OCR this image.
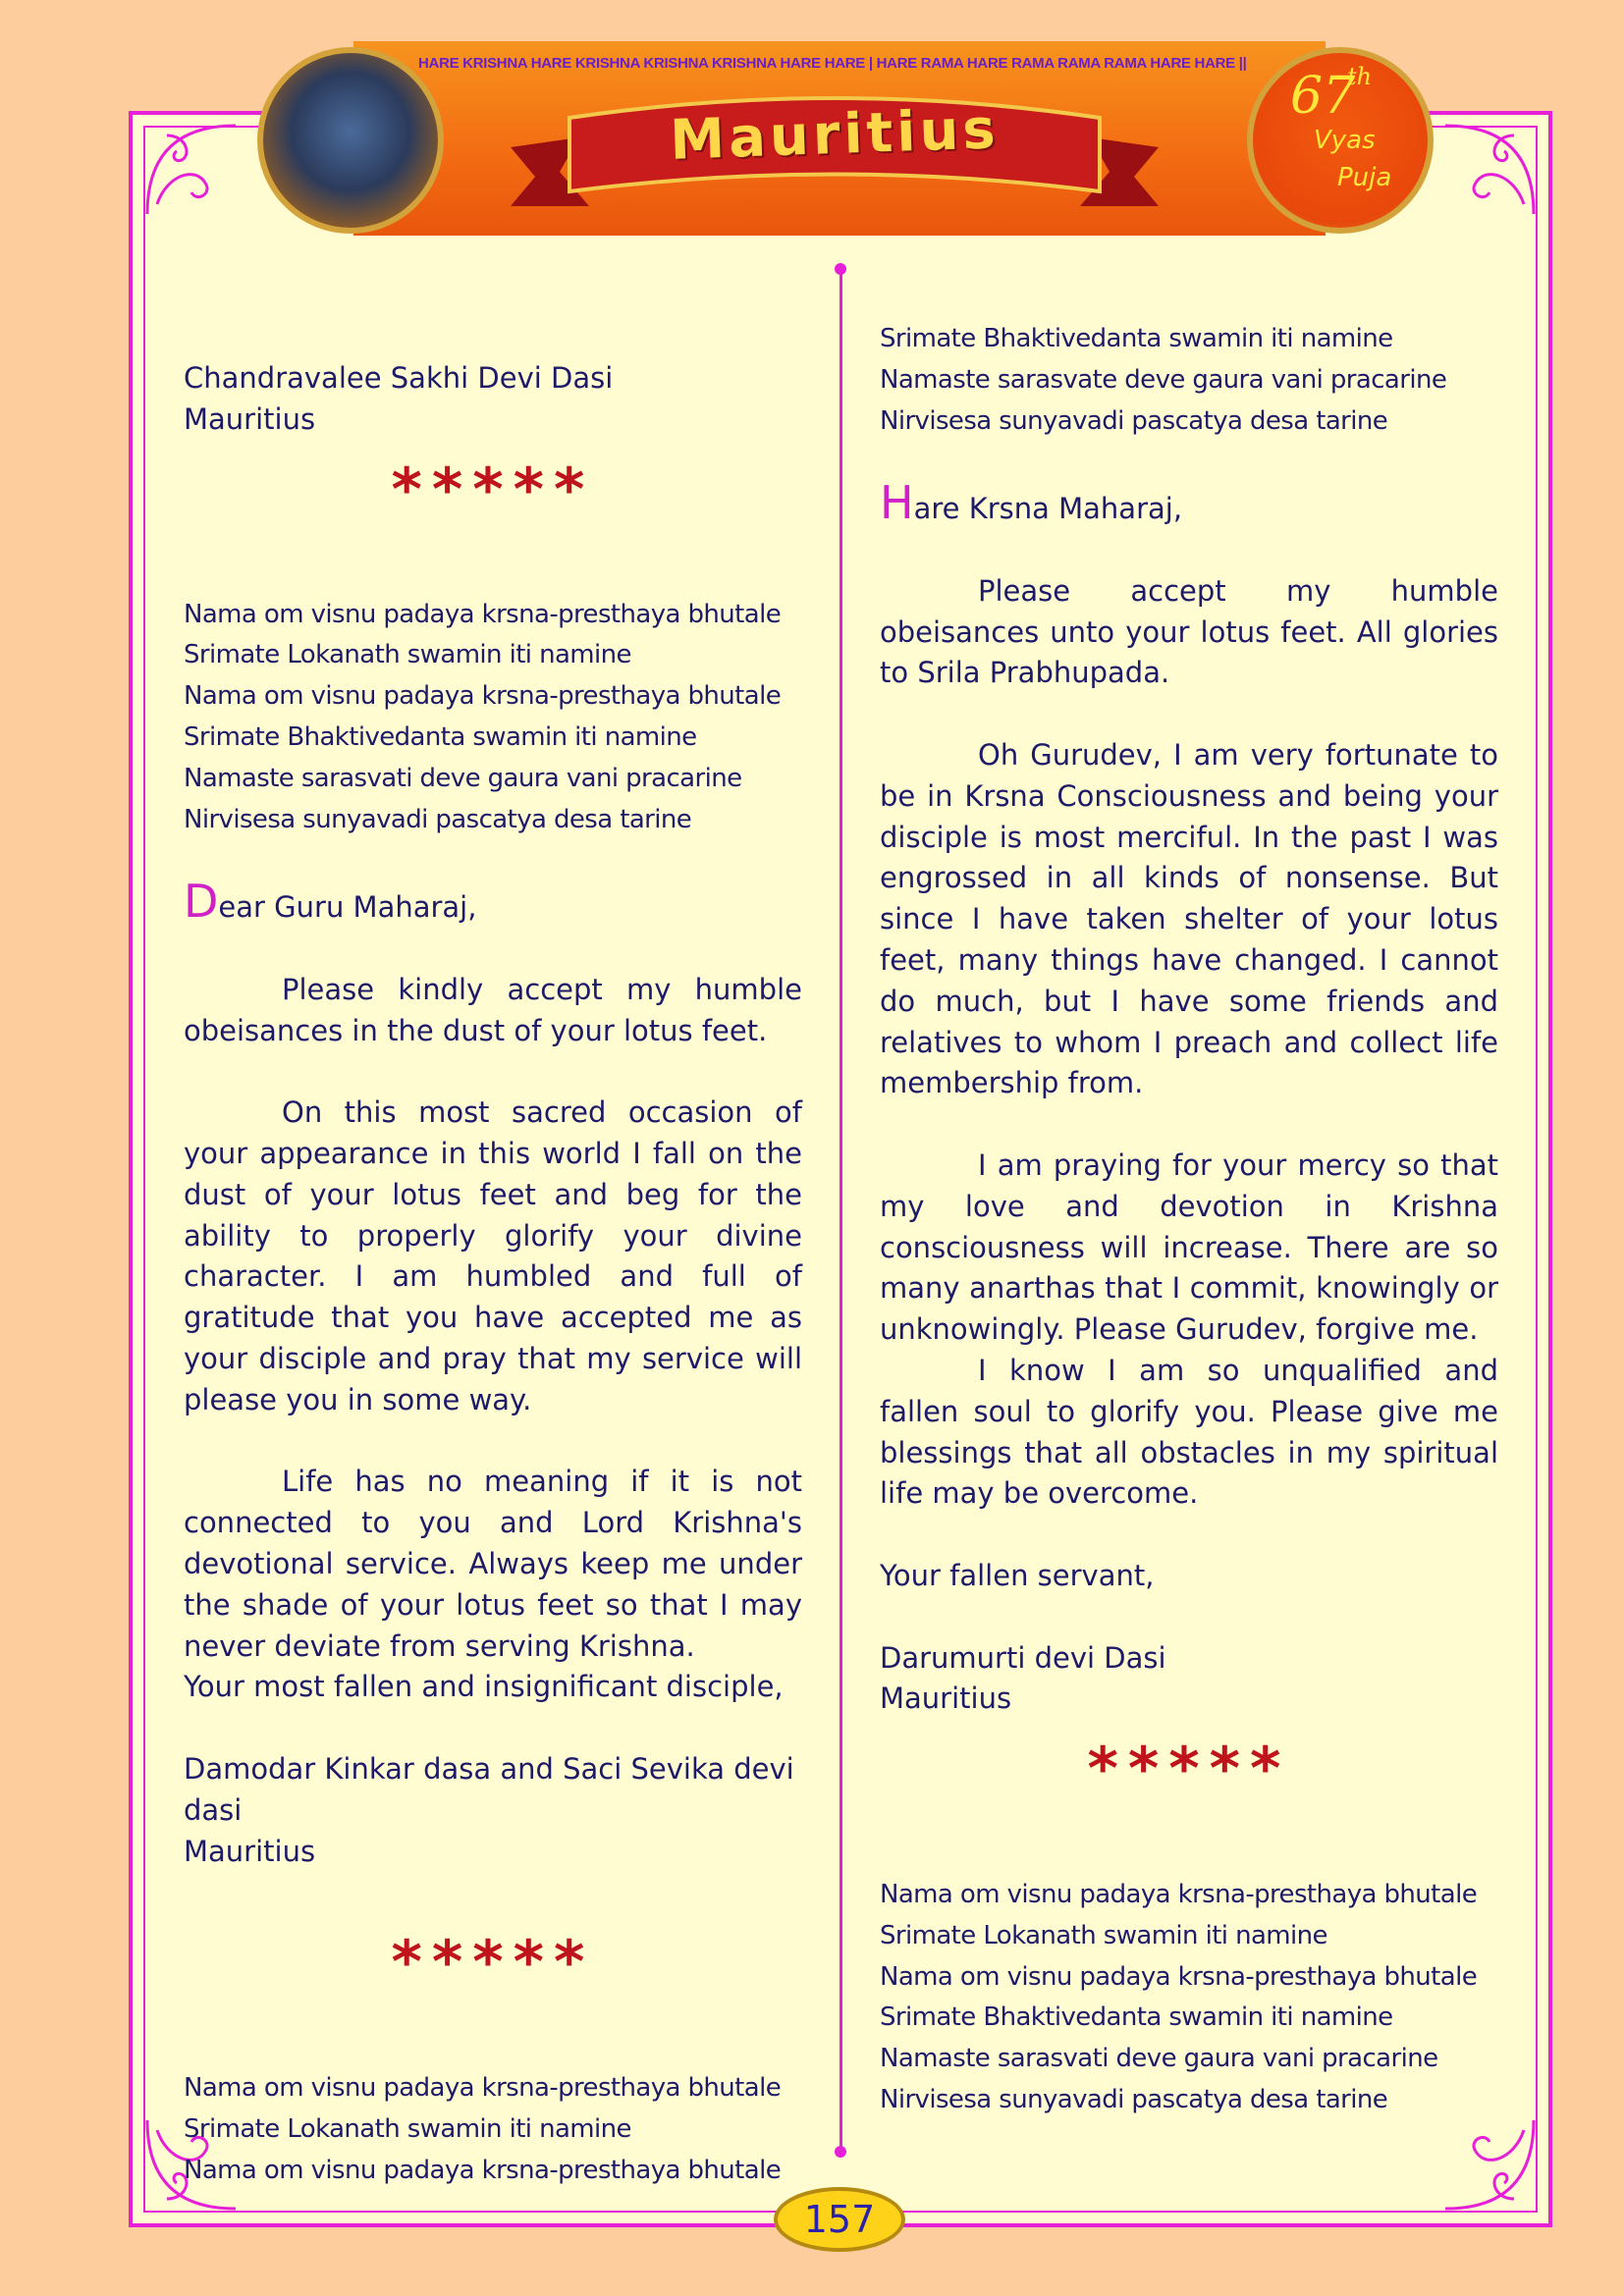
HARE KRISHNA HARE KRISHNA KRISHNA KRISHNA HARE HARE | HARE RAMA HARE RAMA RAMA RAMA HARE HARE ||
Mauritius
67
th
Vyas
Puja
Chandravalee Sakhi Devi Dasi
Mauritius
*****
Nama om visnu padaya krsna-presthaya bhutale
Srimate Lokanath swamin iti namine
Nama om visnu padaya krsna-presthaya bhutale
Srimate Bhaktivedanta swamin iti namine
Namaste sarasvati deve gaura vani pracarine
Nirvisesa sunyavadi pascatya desa tarine
Dear Guru Maharaj,

Please kindly accept my humble obeisances in the dust of your lotus feet.

On this most sacred occasion of your appearance in this world I fall on the dust of your lotus feet and beg for the ability to properly glorify your divine character. I am humbled and full of gratitude that you have accepted me as your disciple and pray that my service will please you in some way.

Life has no meaning if it is not connected to you and Lord Krishna's devotional service. Always keep me under the shade of your lotus feet so that I may never deviate from serving Krishna.

Your most fallen and insignificant disciple,
Damodar Kinkar dasa and Saci Sevika devi dasi
Mauritius
*****
Nama om visnu padaya krsna-presthaya bhutale
Srimate Lokanath swamin iti namine
Nama om visnu padaya krsna-presthaya bhutale
Srimate Bhaktivedanta swamin iti namine
Namaste sarasvate deve gaura vani pracarine
Nirvisesa sunyavadi pascatya desa tarine
Hare Krsna Maharaj,

Please accept my humble obeisances unto your lotus feet. All glories to Srila Prabhupada.

Oh Gurudev, I am very fortunate to be in Krsna Consciousness and being your disciple is most merciful. In the past I was engrossed in all kinds of nonsense. But since I have taken shelter of your lotus feet, many things have changed. I cannot do much, but I have some friends and relatives to whom I preach and collect life membership from.

I am praying for your mercy so that my love and devotion in Krishna consciousness will increase. There are so many anarthas that I commit, knowingly or unknowingly. Please Gurudev, forgive me.

I know I am so unqualified and fallen soul to glorify you. Please give me blessings that all obstacles in my spiritual life may be overcome.

Your fallen servant,
Darumurti devi Dasi
Mauritius
*****
Nama om visnu padaya krsna-presthaya bhutale
Srimate Lokanath swamin iti namine
Nama om visnu padaya krsna-presthaya bhutale
Srimate Bhaktivedanta swamin iti namine
Namaste sarasvati deve gaura vani pracarine
Nirvisesa sunyavadi pascatya desa tarine
157
